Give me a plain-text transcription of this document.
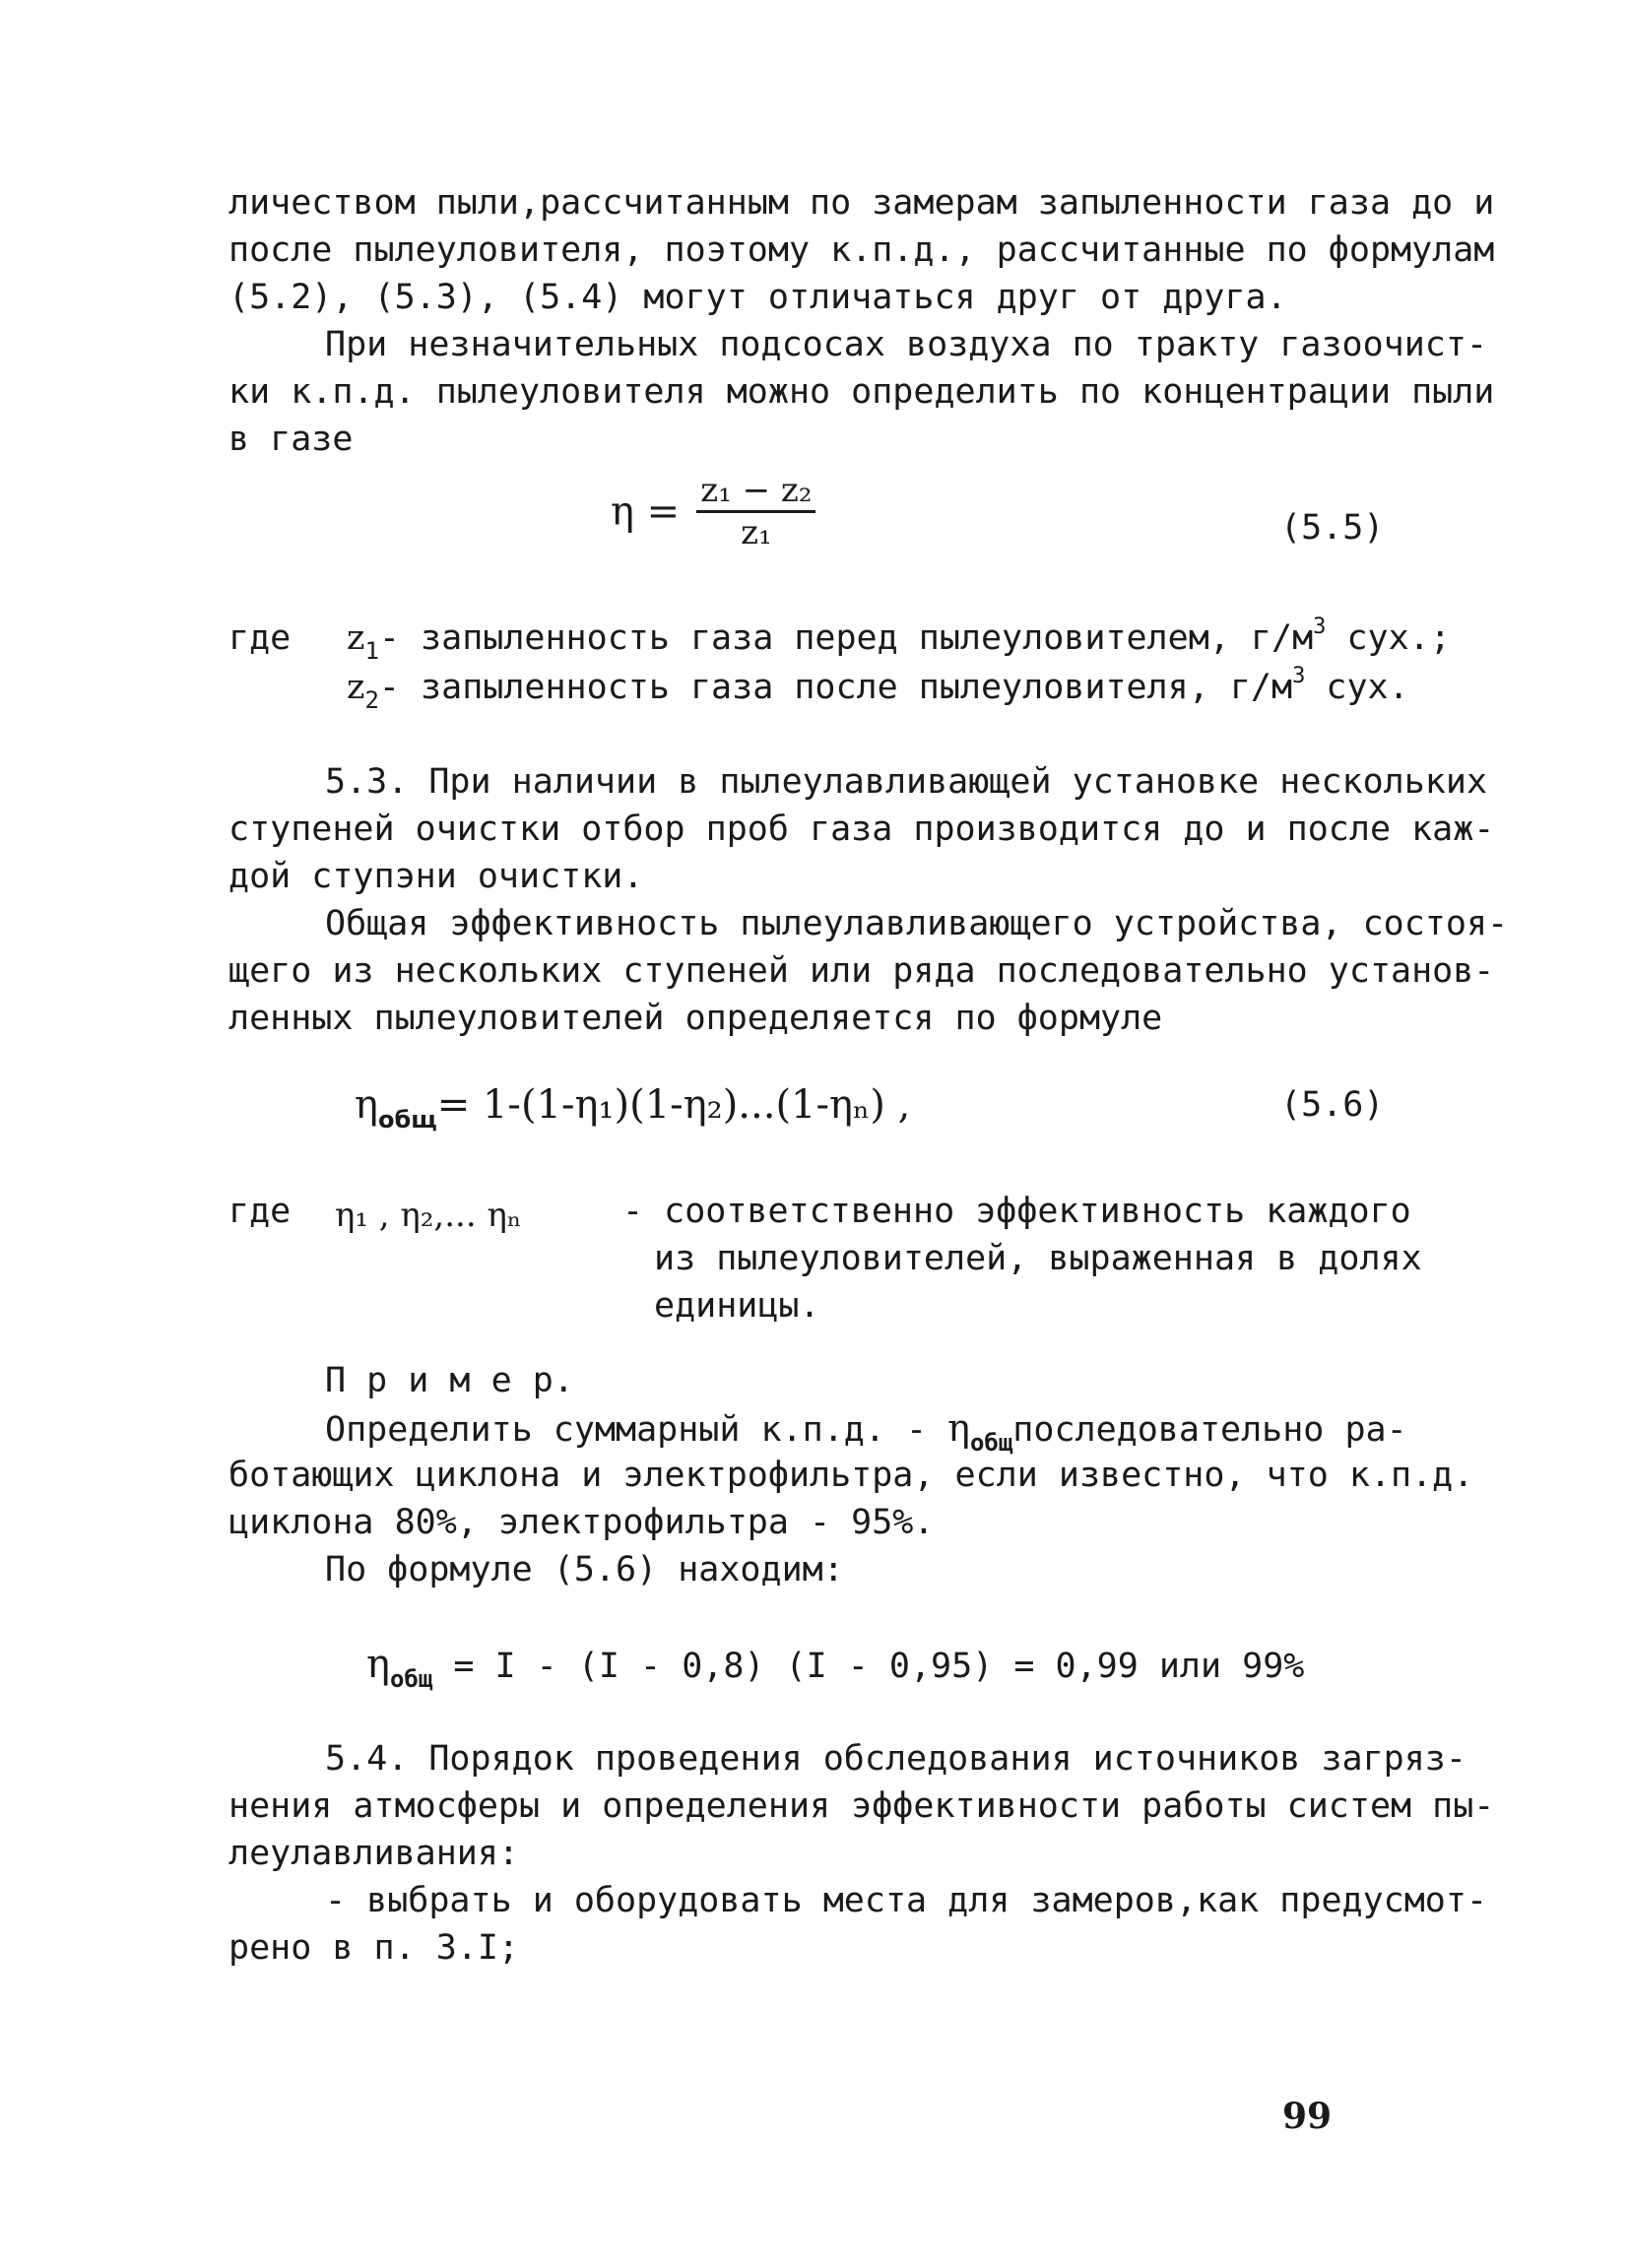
личеством пыли,рассчитанным по замерам запыленности газа до и
после пылеуловителя, поэтому к.п.д., рассчитанные по формулам
(5.2), (5.3), (5.4) могут отличаться друг от друга.
При незначительных подсосах воздуха по тракту газоочист-
ки к.п.д. пылеуловителя можно определить по концентрации пыли
в газе
$\eta = \frac{\text{z₁ − z₂}}{\text{z₁}}$	(5.5)
где $z_1-$ запыленность газа перед пылеуловителем, $г/м^3$ сух.;
$z_2-$ запыленность газа после пылеуловителя, $г/м^3$ сух.
5.3. При наличии в пылеулавливающей установке нескольких
ступеней очистки отбор проб газа производится до и после каж-
дой ступэни очистки.
Общая эффективность пылеулавливающего устройства, состоя-
щего из нескольких ступеней или ряда последовательно установ-
ленных пылеуловителей определяется по формуле
$\eta_{общ}= 1-(1-\eta_1)(1-\eta_2)...(1-\eta_n)$ ,	(5.6)
где η₁ , η₂,... ηₙ	- соответственно эффективность каждого
из пылеуловителей, выраженная в долях
единицы.
П р и м е р.
Определить суммарный к.п.д. - $\eta_{общ}последовательно$ ра-
ботающих циклона и электрофильтра, если известно, что к.п.д.
циклона 80%, электрофильтра - 95%.
По формуле (5.6) находим:
$\eta_{общ} = I - (I - 0,8)$ (I - 0,95) = 0,99 или 99%
5.4. Порядок проведения обследования источников загряз-
нения атмосферы и определения эффективности работы систем пы-
леулавливания:
- выбрать и оборудовать места для замеров,как предусмот-
рено в п. 3.I;
99
